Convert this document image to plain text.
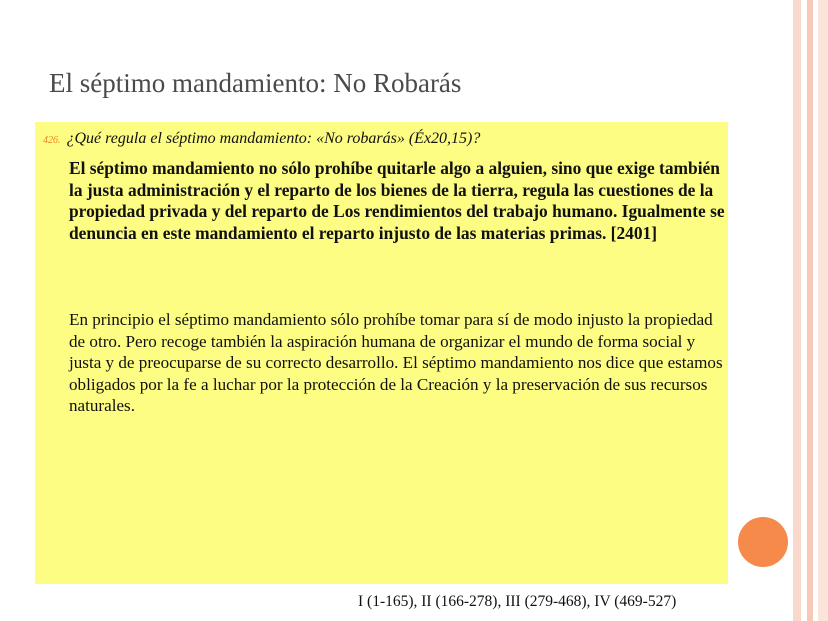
El séptimo mandamiento: No Robarás
426. ¿Qué regula el séptimo mandamiento: «No robarás» (Éx20,15)?
El séptimo mandamiento no sólo prohíbe quitarle algo a alguien, sino que exige también la justa administración y el reparto de los bienes de la tierra, regula las cuestiones de la propiedad privada y del reparto de Los rendimientos del trabajo humano. Igualmente se denuncia en este mandamiento el reparto injusto de las materias primas. [2401]
En principio el séptimo mandamiento sólo prohíbe tomar para sí de modo injusto la propiedad de otro. Pero recoge también la aspiración humana de organizar el mundo de forma social y justa y de preocuparse de su correcto desarrollo. El séptimo mandamiento nos dice que estamos obligados por la fe a luchar por la protección de la Creación y la preservación de sus recursos naturales.
I (1-165), II (166-278), III (279-468), IV (469-527)
